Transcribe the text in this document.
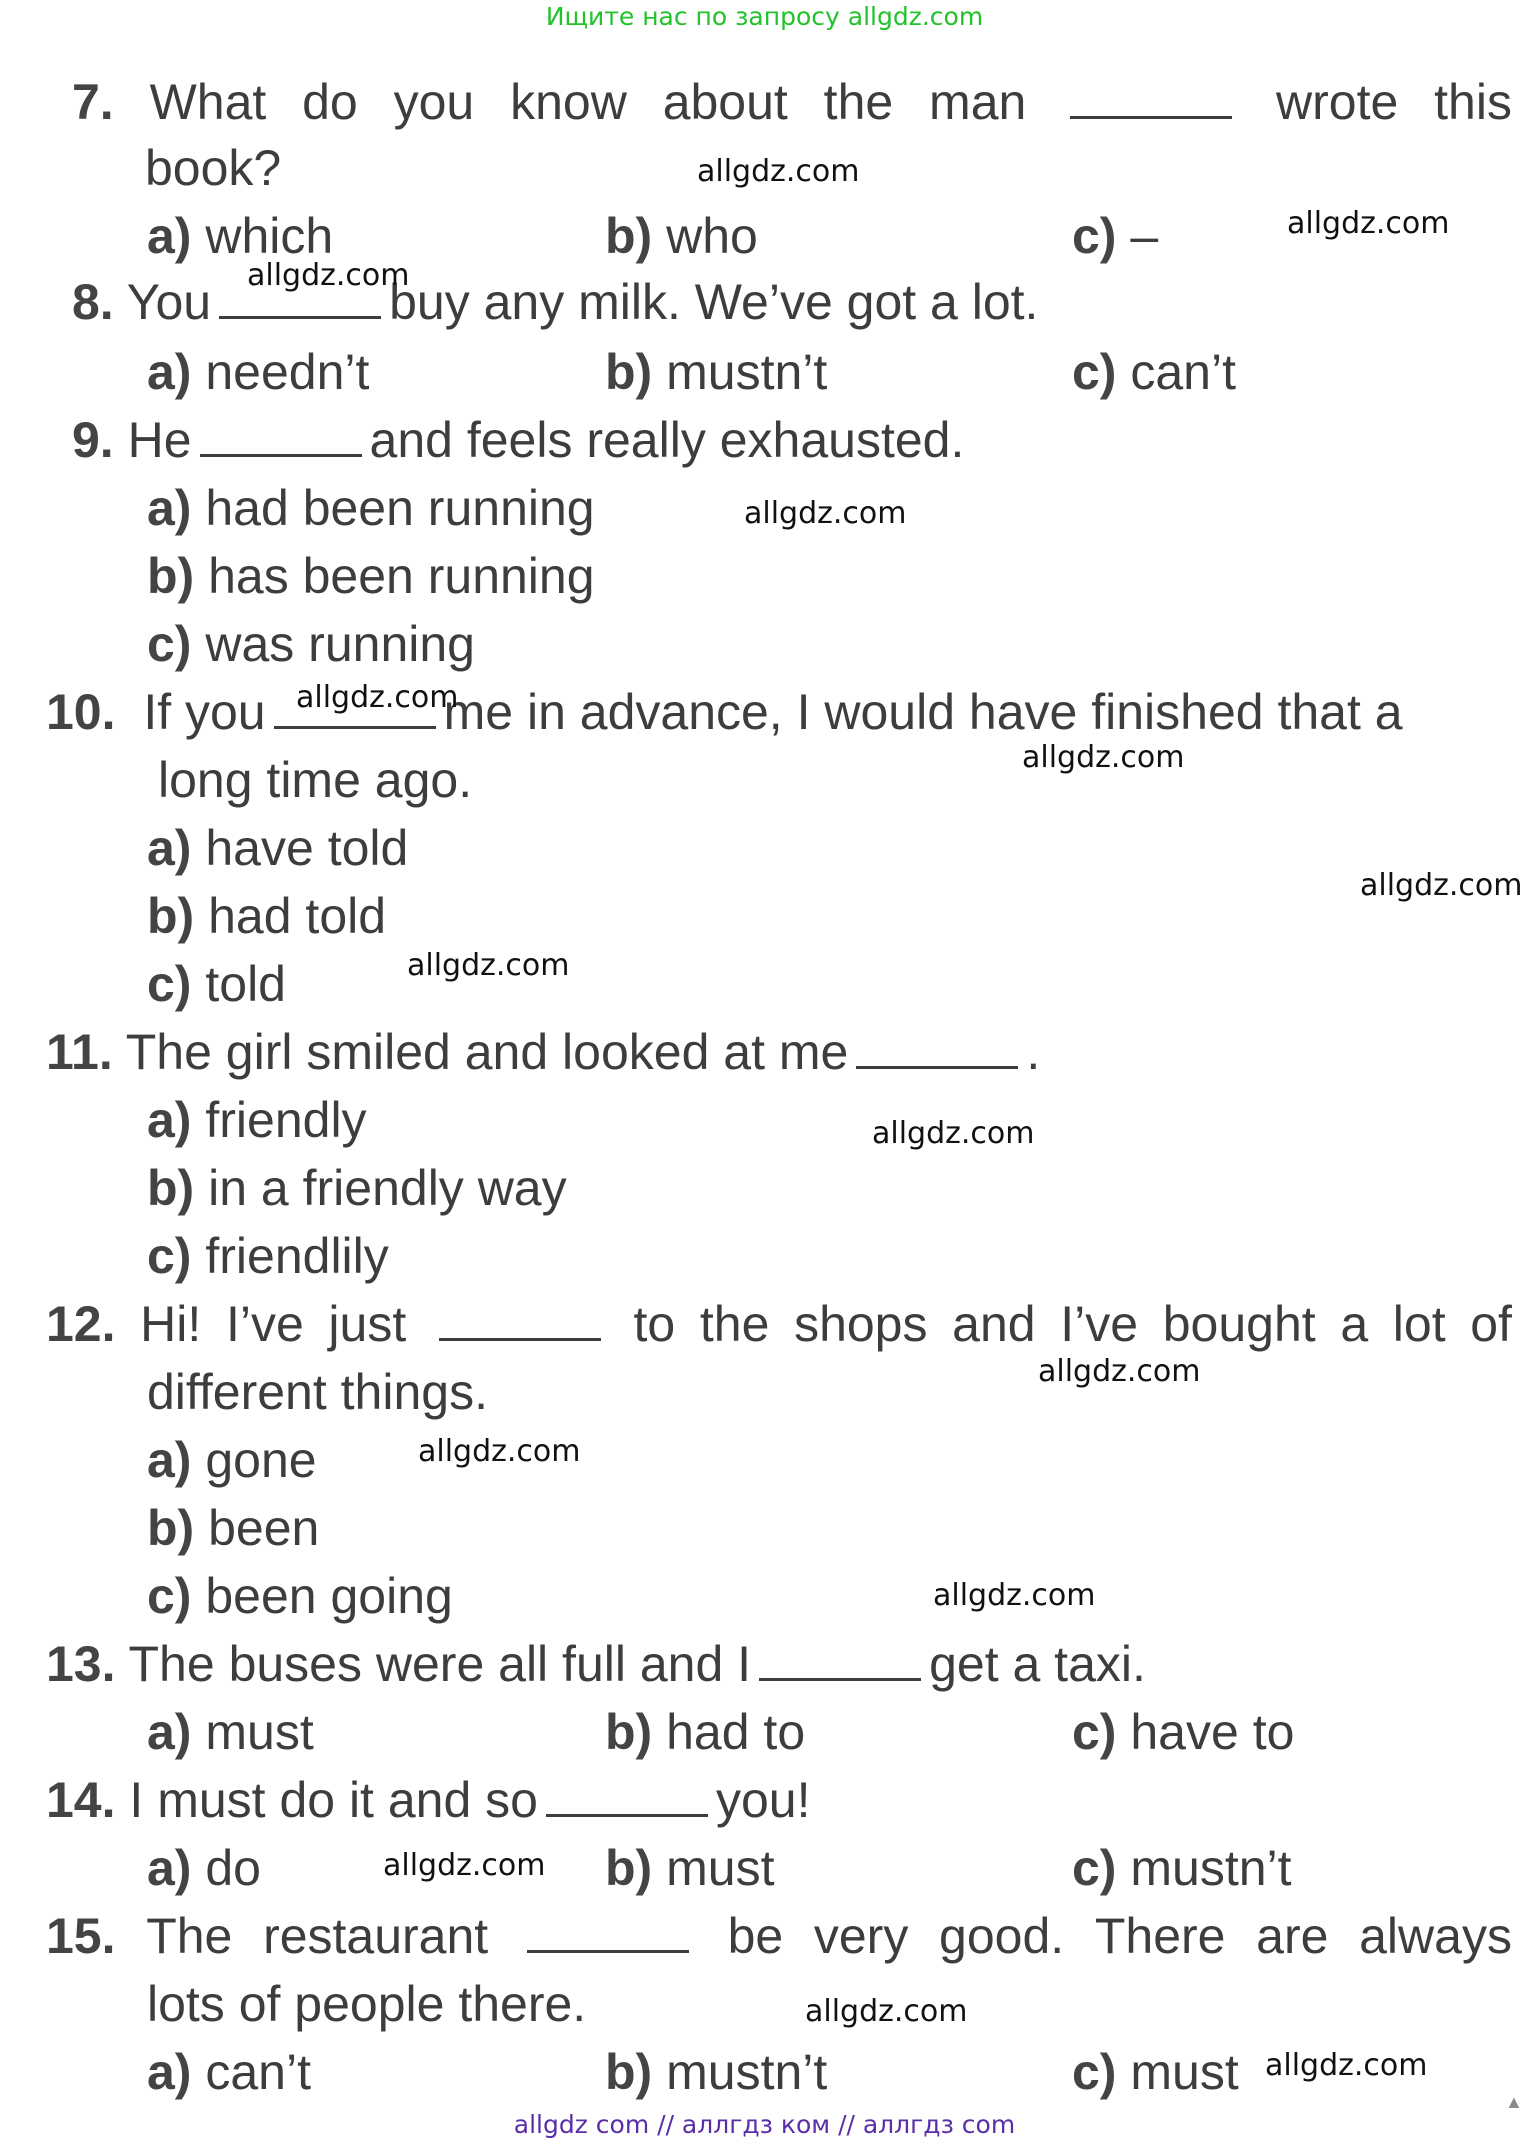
Ищите нас по запросу allgdz.com
7. What do you know about the man	wrote this
book?
a) which	b) who	c) –
8. You	buy any milk. We’ve got a lot.
a) needn’t	b) mustn’t	c) can’t
9. He	and feels really exhausted.
a) had been running
b) has been running
c) was running
10. If you	me in advance, I would have finished that a
long time ago.
a) have told
b) had told
c) told
11. The girl smiled and looked at me	.
a) friendly
b) in a friendly way
c) friendlily
12. Hi! I’ve just	to the shops and I’ve bought a lot of
different things.
a) gone
b) been
c) been going
13. The buses were all full and I	get a taxi.
a) must	b) had to	c) have to
14. I must do it and so	you!
a) do	b) must	c) mustn’t
15. The restaurant	be very good. There are always
lots of people there.
a) can’t	b) mustn’t	c) must
allgdz.com
allgdz.com
allgdz.com
allgdz.com
allgdz.com
allgdz.com
allgdz.com
allgdz.com
allgdz.com
allgdz.com
allgdz.com
allgdz.com
allgdz.com
allgdz.com
allgdz.com
allgdz com // аллгдз ком // аллгдз com
▲
